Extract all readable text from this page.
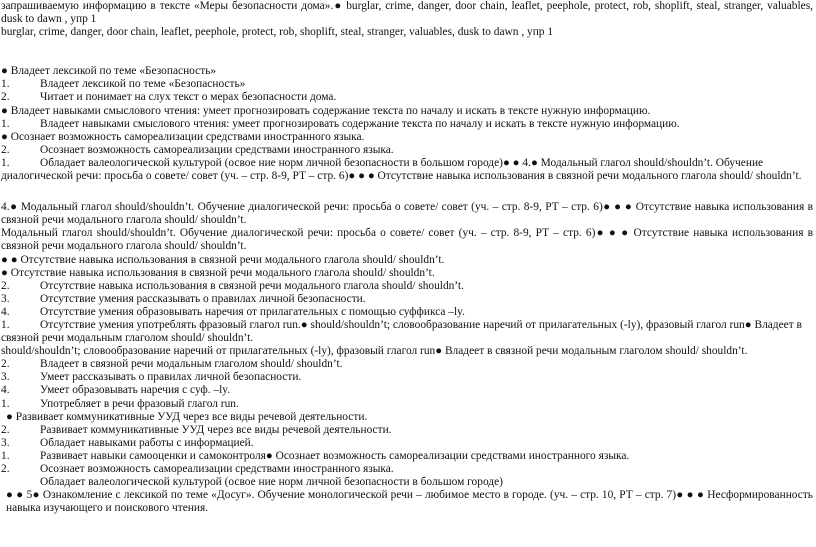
запрашиваемую информацию в тексте «Меры безопасности дома».● burglar, crime, danger, door chain, leaflet, peephole, protect, rob, shoplift, steal, stranger, valuables, dusk to dawn , упр 1
burglar, crime, danger, door chain, leaflet, peephole, protect, rob, shoplift, steal, stranger, valuables, dusk to dawn , упр 1
● Владеет лексикой по теме «Безопасность»
1.	Владеет лексикой по теме «Безопасность»
2.	Читает и понимает на слух текст о мерах безопасности дома.
● Владеет навыками смыслового чтения: умеет прогнозировать содержание текста по началу и искать в тексте нужную информацию.
1.	Владеет навыками смыслового чтения: умеет прогнозировать содержание текста по началу и искать в тексте нужную информацию.
● Осознает возможность самореализации средствами иностранного языка.
2.	Осознает возможность самореализации средствами иностранного языка.
1.	Обладает валеологической культурой (освое ние норм личной безопасности в большом городе)● ● 4.● Модальный глагол should/shouldn’t. Обучение диалогической речи: просьба о совете/ совет (уч. – стр. 8-9, РТ – стр. 6)● ● ● Отсутствие навыка использования в связной речи модального глагола should/ shouldn’t.
4.● Модальный глагол should/shouldn’t. Обучение диалогической речи: просьба о совете/ совет (уч. – стр. 8-9, РТ – стр. 6)● ● ● Отсутствие навыка использования в связной речи модального глагола should/ shouldn’t.
Модальный глагол should/shouldn’t. Обучение диалогической речи: просьба о совете/ совет (уч. – стр. 8-9, РТ – стр. 6)● ● ● Отсутствие навыка использования в связной речи модального глагола should/ shouldn’t.
● ● Отсутствие навыка использования в связной речи модального глагола should/ shouldn’t.
● Отсутствие навыка использования в связной речи модального глагола should/ shouldn’t.
2.	Отсутствие навыка использования в связной речи модального глагола should/ shouldn’t.
3.	Отсутствие умения рассказывать о правилах личной безопасности.
4.	Отсутствие умения образовывать наречия от прилагательных с помощью суффикса –ly.
1.	Отсутствие умения употреблять фразовый глагол run.● should/shouldn’t; словообразование наречий от прилагательных (-ly), фразовый глагол run● Владеет в связной речи модальным глаголом should/ shouldn’t.
should/shouldn’t; словообразование наречий от прилагательных (-ly), фразовый глагол run● Владеет в связной речи модальным глаголом should/ shouldn’t.
2.	Владеет в связной речи модальным глаголом should/ shouldn’t.
3.	Умеет рассказывать о правилах личной безопасности.
4.	Умеет образовывать наречия с суф. –ly.
1.	Употребляет в речи фразовый глагол run.
● Развивает коммуникативные УУД через все виды речевой деятельности.
2.	Развивает коммуникативные УУД через все виды речевой деятельности.
3.	Обладает навыками работы с информацией.
1.	Развивает навыки самооценки и самоконтроля● Осознает возможность самореализации средствами иностранного языка.
2.	Осознает возможность самореализации средствами иностранного языка.
Обладает валеологической культурой (освое ние норм личной безопасности в большом городе)
● ● 5● Ознакомление с лексикой по теме «Досуг». Обучение монологической речи – любимое место в городе. (уч. – стр. 10, РТ – стр. 7)● ● ● Несформированность навыка изучающего и поискового чтения.
